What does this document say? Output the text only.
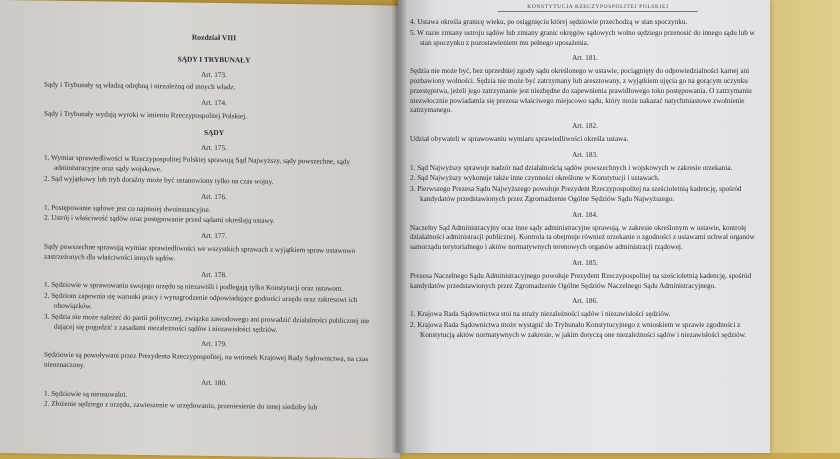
Rozdział VIII
SĄDY I TRYBUNAŁY
Art. 173.

Sądy i Trybunały są władzą odrębną i niezależną od innych władz.

Art. 174.

Sądy i Trybunały wydają wyroki w imieniu Rzeczypospolitej Polskiej.

SĄDY
Art. 175.
1. Wymiar sprawiedliwości w Rzeczypospolitej Polskiej sprawują Sąd Najwyższy, sądy powszechne, sądy administracyjne oraz sądy wojskowe.
2. Sąd wyjątkowy lub tryb doraźny może być ustanowiony tylko na czas wojny.
Art. 176.
1. Postępowanie sądowe jest co najmniej dwuinstancyjne.
2. Ustrój i właściwość sądów oraz postępowanie przed sądami określają ustawy.
Art. 177.

Sądy powszechne sprawują wymiar sprawiedliwości we wszystkich sprawach z wyjątkiem spraw ustawowo zastrzeżonych dla właściwości innych sądów.

Art. 178.
1. Sędziowie w sprawowaniu swojego urzędu są niezawiśli i podlegają tylko Konstytucji oraz ustawom.
2. Sędziom zapewnia się warunki pracy i wynagrodzenie odpowiadające godności urzędu oraz zakresowi ich obowiązków.
3. Sędzia nie może należeć do partii politycznej, związku zawodowego ani prowadzić działalności publicznej nie dającej się pogodzić z zasadami niezależności sądów i niezawisłości sędziów.
Art. 179.

Sędziowie są powoływani przez Prezydenta Rzeczypospolitej, na wniosek Krajowej Rady Sądownictwa, na czas nieoznaczony.

Art. 180.
1. Sędziowie są nieusuwalni.
2. Złożenie sędziego z urzędu, zawieszenie w urzędowaniu, przeniesienie do innej siedziby lub
KONSTYTUCJA RZECZYPOSPOLITEJ POLSKIEJ
4. Ustawa określa granicę wieku, po osiągnięciu której sędziowie przechodzą w stan spoczynku.
5. W razie zmiany ustroju sądów lub zmiany granic okręgów sądowych wolno sędziego przenosić do innego sądu lub w stan spoczynku z pozostawieniem mu pełnego uposażenia.
Art. 181.

Sędzia nie może być, bez uprzedniej zgody sądu określonego w ustawie, pociągnięty do odpowiedzialności karnej ani pozbawiony wolności. Sędzia nie może być zatrzymany lub aresztowany, z wyjątkiem ujęcia go na gorącym uczynku przestępstwa, jeżeli jego zatrzymanie jest niezbędne do zapewnienia prawidłowego toku postępowania. O zatrzymaniu niezwłocznie powiadamia się prezesa właściwego miejscowo sądu, który może nakazać natychmiastowe zwolnienie zatrzymanego.

Art. 182.

Udział obywateli w sprawowaniu wymiaru sprawiedliwości określa ustawa.

Art. 183.
1. Sąd Najwyższy sprawuje nadzór nad działalnością sądów powszechnych i wojskowych w zakresie orzekania.
2. Sąd Najwyższy wykonuje także inne czynności określone w Konstytucji i ustawach.
3. Pierwszego Prezesa Sądu Najwyższego powołuje Prezydent Rzeczypospolitej na sześcioletnią kadencję, spośród kandydatów przedstawionych przez Zgromadzenie Ogólne Sędziów Sądu Najwyższego.
Art. 184.

Naczelny Sąd Administracyjny oraz inne sądy administracyjne sprawują, w zakresie określonym w ustawie, kontrolę działalności administracji publicznej. Kontrola ta obejmuje również orzekanie o zgodności z ustawami uchwał organów samorządu terytorialnego i aktów normatywnych terenowych organów administracji rządowej.

Art. 185.

Prezesa Naczelnego Sądu Administracyjnego powołuje Prezydent Rzeczypospolitej na sześcioletnią kadencję, spośród kandydatów przedstawionych przez Zgromadzenie Ogólne Sędziów Naczelnego Sądu Administracyjnego.

Art. 186.
1. Krajowa Rada Sądownictwa stoi na straży niezależności sądów i niezawisłości sędziów.
2. Krajowa Rada Sądownictwa może wystąpić do Trybunału Konstytucyjnego z wnioskiem w sprawie zgodności z Konstytucją aktów normatywnych w zakresie, w jakim dotyczą one niezależności sądów i niezawisłości sędziów.
